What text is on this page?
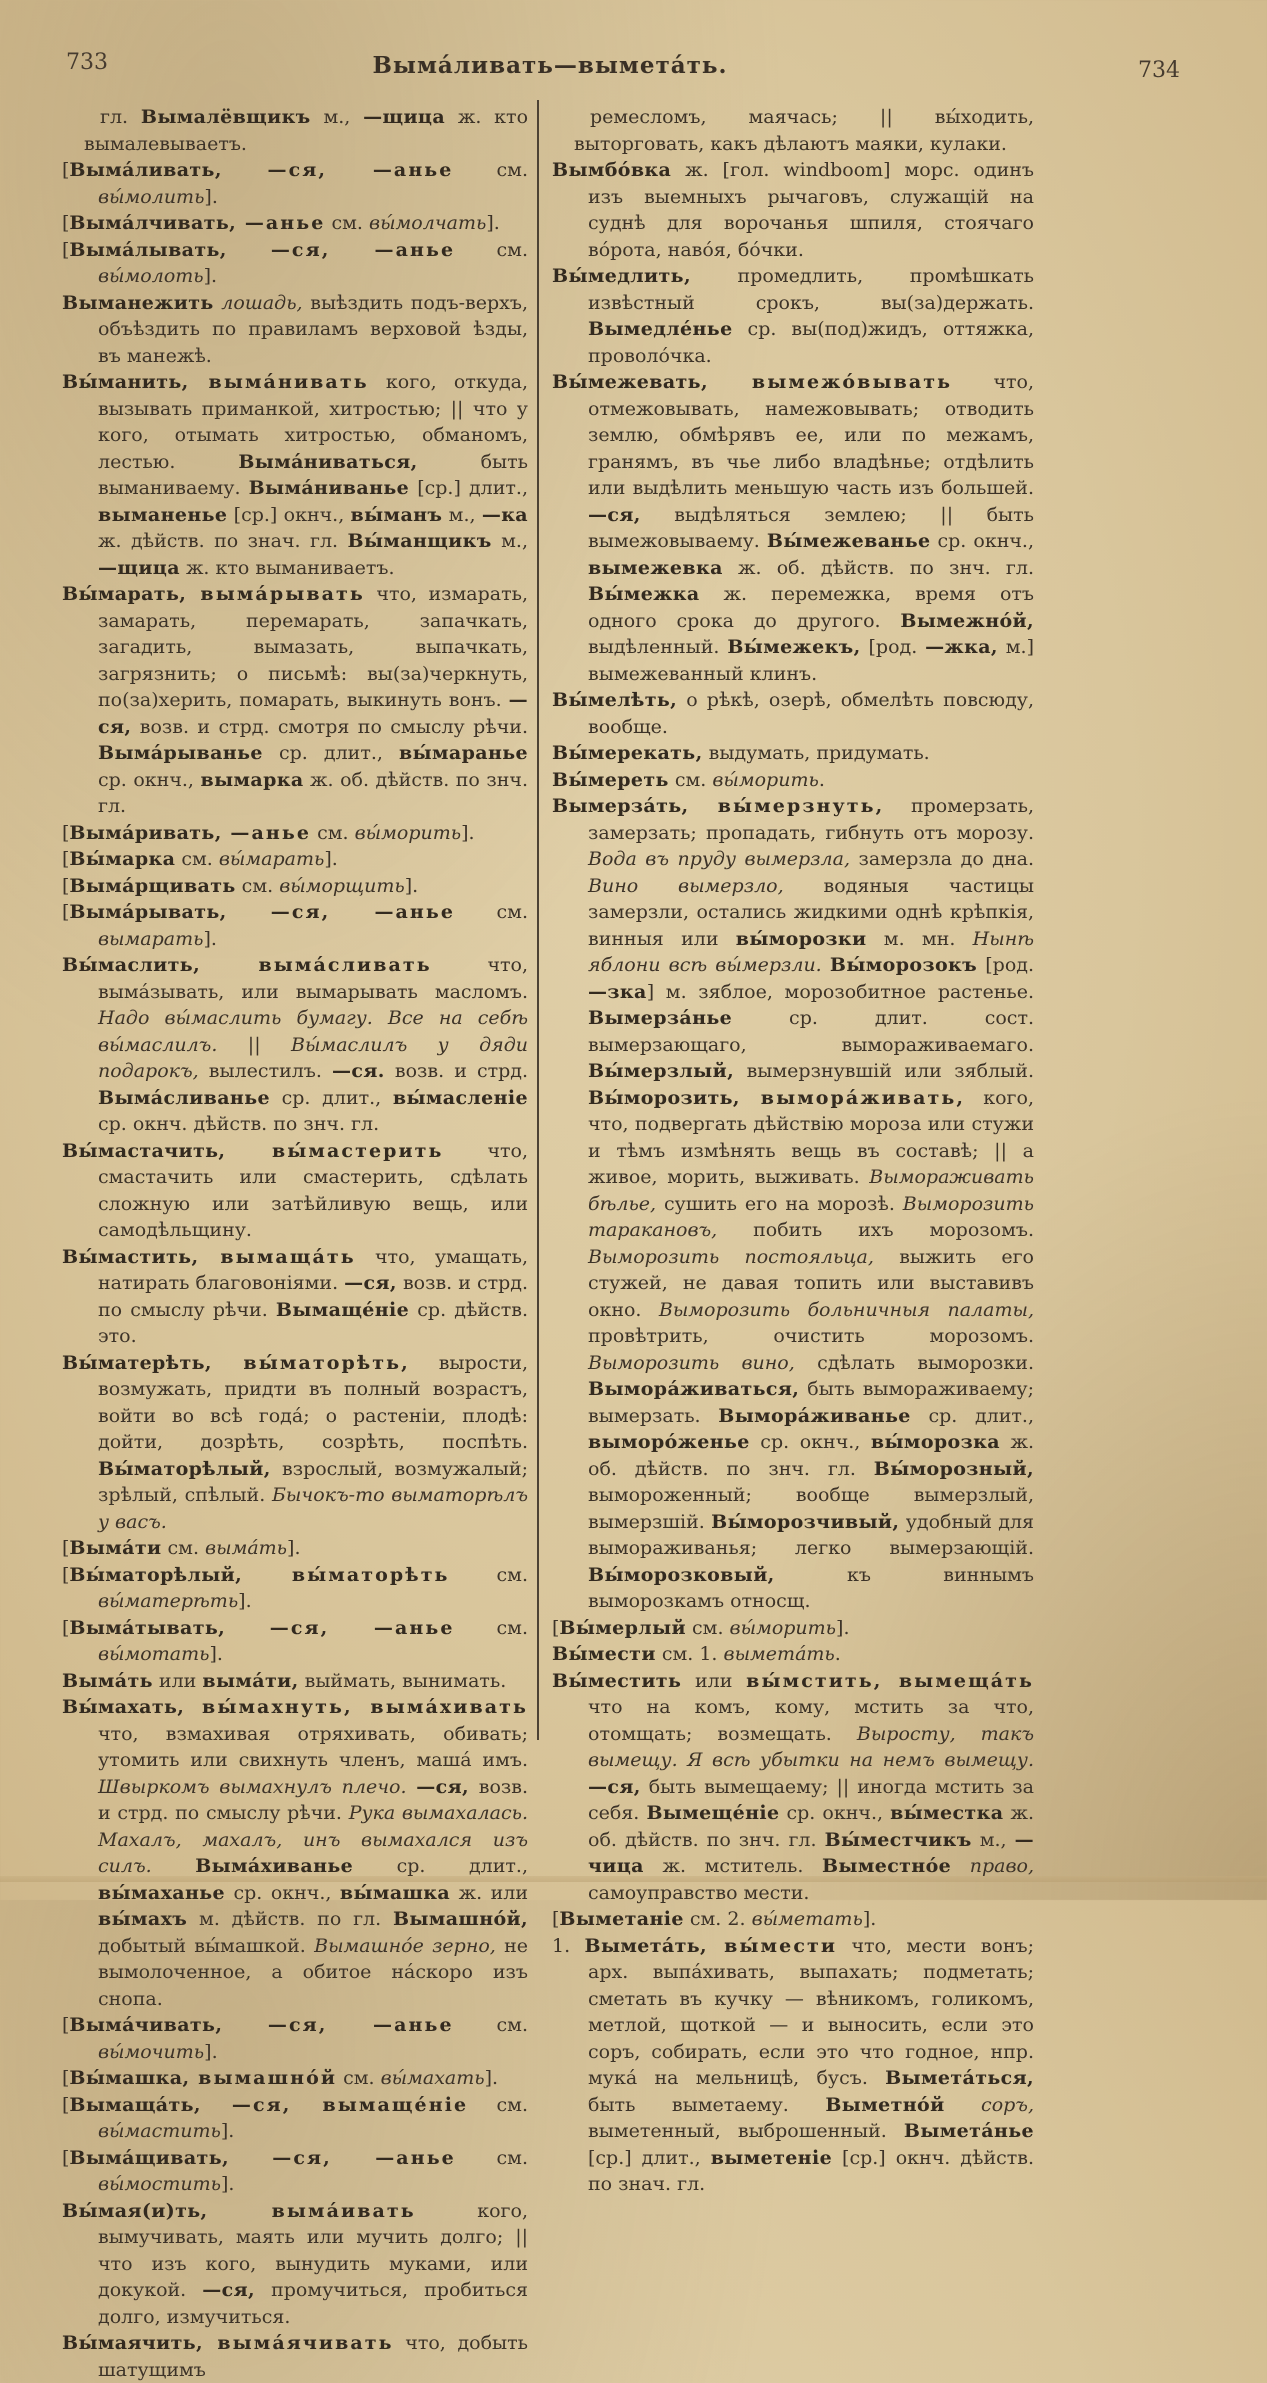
733	Выма́ливать—вымета́ть.	734

гл. Вымалёвщикъ м., —щица ж. кто вымалевываетъ.

[Выма́ливать, —ся, —анье см. вы́молить].

[Выма́лчивать, —анье см. вы́молчать].

[Выма́лывать, —ся, —анье см. вы́молоть].

Выманежить лошадь, выѣздить подъ-верхъ, объѣздить по правиламъ верховой ѣзды, въ манежѣ.

Вы́манить, выма́нивать кого, откуда, вызывать приманкой, хитростью; || что у кого, отымать хитростью, обманомъ, лестью. Выма́ниваться, быть выманиваему. Выма́ниванье [ср.] длит., выманенье [ср.] окнч., вы́манъ м., —ка ж. дѣйств. по знач. гл. Вы́манщикъ м., —щица ж. кто выманиваетъ.

Вы́марать, выма́рывать что, измарать, замарать, перемарать, запачкать, загадить, вымазать, выпачкать, загрязнить; о письмѣ: вы(за)черкнуть, по(за)херить, помарать, выкинуть вонъ. —ся, возв. и стрд. смотря по смыслу рѣчи. Выма́рыванье ср. длит., вы́маранье ср. окнч., вымарка ж. об. дѣйств. по знч. гл.

[Выма́ривать, —анье см. вы́морить].

[Вы́марка см. вы́марать].

[Выма́рщивать см. вы́морщить].

[Выма́рывать, —ся, —анье см. вымарать].

Вы́маслить, выма́сливать что, выма́зывать, или вымарывать масломъ. Надо вы́маслить бумагу. Все на себѣ вы́маслилъ. || Вы́маслилъ у дяди подарокъ, вылестилъ. —ся. возв. и стрд. Выма́сливанье ср. длит., вы́масленіе ср. окнч. дѣйств. по знч. гл.

Вы́мастачить, вы́мастерить что, смастачить или смастерить, сдѣлать сложную или затѣйливую вещь, или самодѣльщину.

Вы́мастить, вымаща́ть что, умащать, натирать благовоніями. —ся, возв. и стрд. по смыслу рѣчи. Вымаще́ніе ср. дѣйств. это.

Вы́матерѣть, вы́маторѣть, вырости, возмужать, придти въ полный возрастъ, войти во всѣ года́; о растеніи, плодѣ: дойти, дозрѣть, созрѣть, поспѣть. Вы́маторѣлый, взрослый, возмужалый; зрѣлый, спѣлый. Бычокъ-то выматорѣлъ у васъ.

[Выма́ти см. выма́ть].

[Вы́маторѣлый, вы́маторѣть см. вы́матерѣть].

[Выма́тывать, —ся, —анье см. вы́мотать].

Выма́ть или выма́ти, выймать, вынимать.

Вы́махать, вы́махнуть, выма́хивать что, взмахивая отряхивать, обивать; утомить или свихнуть членъ, маша́ имъ. Швыркомъ вымахнулъ плечо. —ся, возв. и стрд. по смыслу рѣчи. Рука вымахалась. Махалъ, махалъ, инъ вымахался изъ силъ. Выма́хиванье ср. длит., вы́маханье ср. окнч., вы́машка ж. или вы́махъ м. дѣйств. по гл. Вымашно́й, добытый вы́машкой. Вымашно́е зерно, не вымолоченное, а обитое на́скоро изъ снопа.

[Выма́чивать, —ся, —анье см. вы́мочить].

[Вы́машка, вымашно́й см. вы́махать].

[Вымаща́ть, —ся, вымаще́ніе см. вы́мастить].

[Выма́щивать, —ся, —анье см. вы́мостить].

Вы́мая(и)ть, выма́ивать кого, вымучивать, маять или мучить долго; || что изъ кого, вынудить муками, или докукой. —ся, промучиться, пробиться долго, измучиться.

Вы́маячить, выма́ячивать что, добыть шатущимъ

ремесломъ, маячась; || вы́ходить, выторговать, какъ дѣлаютъ маяки, кулаки.

Вымбо́вка ж. [гол. windboom] морс. одинъ изъ выемныхъ рычаговъ, служащій на суднѣ для ворочанья шпиля, стоячаго во́рота, наво́я, бо́чки.

Вы́медлить, промедлить, промѣшкать извѣстный срокъ, вы(за)держать. Вымедле́нье ср. вы(под)жидъ, оттяжка, проволо́чка.

Вы́межевать, вымежо́вывать что, отмежовывать, намежовывать; отводить землю, обмѣрявъ ее, или по межамъ, гранямъ, въ чье либо владѣнье; отдѣлить или выдѣлить меньшую часть изъ большей. —ся, выдѣляться землею; || быть вымежовываему. Вы́межеванье ср. окнч., вымежевка ж. об. дѣйств. по знч. гл. Вы́межка ж. перемежка, время отъ одного срока до другого. Вымежно́й, выдѣленный. Вы́межекъ, [род. —жка, м.] вымежеванный клинъ.

Вы́мелѣть, о рѣкѣ, озерѣ, обмелѣть повсюду, вообще.

Вы́мерекать, выдумать, придумать.

Вы́мереть см. вы́морить.

Вымерза́ть, вы́мерзнуть, промерзать, замерзать; пропадать, гибнуть отъ морозу. Вода въ пруду вымерзла, замерзла до дна. Вино вымерзло, водяныя частицы замерзли, остались жидкими однѣ крѣпкія, винныя или вы́морозки м. мн. Нынѣ яблони всѣ вы́мерзли. Вы́морозокъ [род. —зка] м. зяблое, морозобитное растенье. Вымерза́нье ср. длит. сост. вымерзающаго, вымораживаемаго. Вы́мерзлый, вымерзнувшій или зяблый. Вы́морозить, вымора́живать, кого, что, подвергать дѣйствію мороза или стужи и тѣмъ измѣнять вещь въ составѣ; || а живое, морить, выживать. Вымораживать бѣлье, сушить его на морозѣ. Выморозить таракановъ, побить ихъ морозомъ. Выморозить постояльца, выжить его стужей, не давая топить или выставивъ окно. Выморозить больничныя палаты, провѣтрить, очистить морозомъ. Выморозить вино, сдѣлать выморозки. Вымора́живаться, быть вымораживаему; вымерзать. Вымора́живанье ср. длит., выморо́женье ср. окнч., вы́морозка ж. об. дѣйств. по знч. гл. Вы́морозный, вымороженный; вообще вымерзлый, вымерзшій. Вы́морозчивый, удобный для вымораживанья; легко вымерзающій. Вы́морозковый, къ виннымъ выморозкамъ относщ.

[Вы́мерлый см. вы́морить].

Вы́мести см. 1. вымета́ть.

Вы́местить или вы́мстить, вымеща́ть что на комъ, кому, мстить за что, отомщать; возмещать. Выросту, такъ вымещу. Я всѣ убытки на немъ вымещу. —ся, быть вымещаему; || иногда мстить за себя. Вымеще́ніе ср. окнч., вы́местка ж. об. дѣйств. по знч. гл. Вы́местчикъ м., —чица ж. мститель. Выместно́е право, самоуправство мести.

[Выметаніе см. 2. вы́метать].

1. Вымета́ть, вы́мести что, мести вонъ; арх. выпа́хивать, выпахать; подметать; сметать въ кучку — вѣникомъ, голикомъ, метлой, щоткой — и выносить, если это соръ, собирать, если это что годное, нпр. мука́ на мельницѣ, бусъ. Вымета́ться, быть выметаему. Выметно́й соръ, выметенный, выброшенный. Вымета́нье [ср.] длит., выметеніе [ср.] окнч. дѣйств. по знач. гл.
